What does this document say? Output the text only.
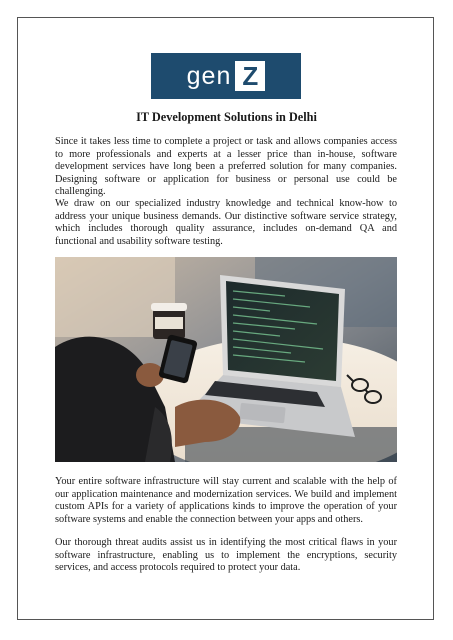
gen Z
IT Development Solutions in Delhi

Since it takes less time to complete a project or task and allows companies access to more professionals and experts at a lesser price than in-house, software development services have long been a preferred solution for many companies. Designing software or application for business or personal use could be challenging.

We draw on our specialized industry knowledge and technical know-how to address your unique business demands. Our distinctive software service strategy, which includes thorough quality assurance, includes on-demand QA and functional and usability software testing.

Your entire software infrastructure will stay current and scalable with the help of our application maintenance and modernization services. We build and implement custom APIs for a variety of applications kinds to improve the operation of your software systems and enable the connection between your apps and others.

Our thorough threat audits assist us in identifying the most critical flaws in your software infrastructure, enabling us to implement the encryptions, security services, and access protocols required to protect your data.
